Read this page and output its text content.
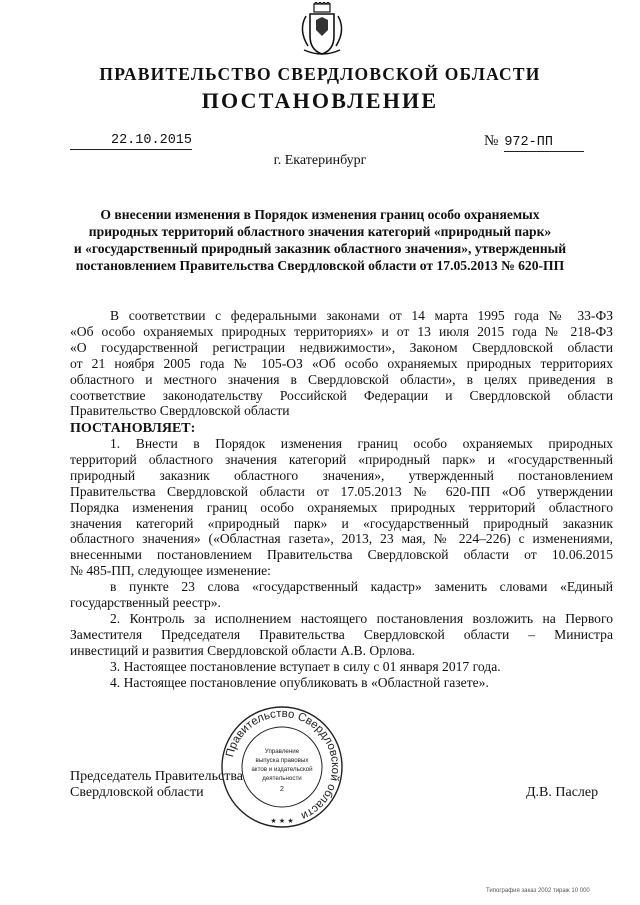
ПРАВИТЕЛЬСТВО СВЕРДЛОВСКОЙ ОБЛАСТИ
ПОСТАНОВЛЕНИЕ
22.10.2015	№ 972-ПП
г. Екатеринбург
О внесении изменения в Порядок изменения границ особо охраняемых
природных территорий областного значения категорий «природный парк»
и «государственный природный заказник областного значения», утвержденный
постановлением Правительства Свердловской области от 17.05.2013 № 620-ПП
В соответствии с федеральными законами от 14 марта 1995 года № 33-ФЗ
«Об особо охраняемых природных территориях» и от 13 июля 2015 года № 218-ФЗ
«О государственной регистрации недвижимости», Законом Свердловской области
от 21 ноября 2005 года № 105-ОЗ «Об особо охраняемых природных территориях
областного и местного значения в Свердловской области», в целях приведения в
соответствие законодательству Российской Федерации и Свердловской области
Правительство Свердловской области
ПОСТАНОВЛЯЕТ:
1. Внести в Порядок изменения границ особо охраняемых природных
территорий областного значения категорий «природный парк» и «государственный
природный заказник областного значения», утвержденный постановлением
Правительства Свердловской области от 17.05.2013 № 620-ПП «Об утверждении
Порядка изменения границ особо охраняемых природных территорий областного
значения категорий «природный парк» и «государственный природный заказник
областного значения» («Областная газета», 2013, 23 мая, № 224–226) с изменениями,
внесенными постановлением Правительства Свердловской области от 10.06.2015
№ 485-ПП, следующее изменение:
в пункте 23 слова «государственный кадастр» заменить словами «Единый
государственный реестр».
2. Контроль за исполнением настоящего постановления возложить на Первого
Заместителя Председателя Правительства Свердловской области – Министра
инвестиций и развития Свердловской области А.В. Орлова.
3. Настоящее постановление вступает в силу с 01 января 2017 года.
4. Настоящее постановление опубликовать в «Областной газете».
Председатель Правительства
Свердловской области	Д.В. Паслер
Правительство Свердловской области
Управление
выпуска правовых
актов и издательской
деятельности
2
★ ★ ★
Типография заказ 2002 тираж 10 000
